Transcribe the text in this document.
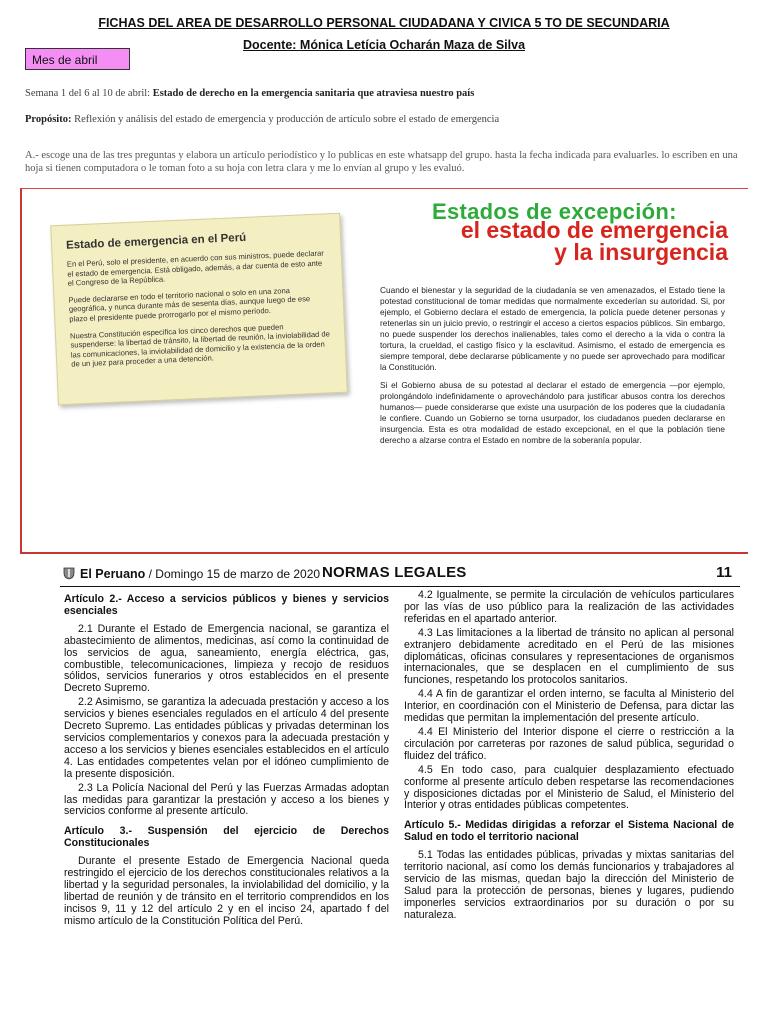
FICHAS DEL AREA DE DESARROLLO PERSONAL CIUDADANA Y CIVICA 5 TO DE SECUNDARIA
Docente: Mónica Letícia Ocharán Maza de Silva
Mes de abril
Semana 1 del 6 al 10 de abril: Estado de derecho en la emergencia sanitaria que atraviesa nuestro país
Propósito: Reflexión y análisis del estado de emergencia y producción de artículo sobre el estado de emergencia
A.- escoge una de las tres preguntas y elabora un artículo periodístico y lo publicas en este whatsapp del grupo. hasta la fecha indicada para evaluarles. lo escriben en una hoja si tienen computadora o le toman foto a su hoja con letra clara y me lo envían al grupo y les evaluó.
Estados de excepción:
el estado de emergencia
y la insurgencia
Estado de emergencia en el Perú

En el Perú, solo el presidente, en acuerdo con sus ministros, puede declarar el estado de emergencia. Está obligado, además, a dar cuenta de esto ante el Congreso de la República.

Puede declararse en todo el territorio nacional o solo en una zona geográfica, y nunca durante más de sesenta días, aunque luego de ese plazo el presidente puede prorrogarlo por el mismo período.

Nuestra Constitución especifica los cinco derechos que pueden suspenderse: la libertad de tránsito, la libertad de reunión, la inviolabilidad de las comunicaciones, la inviolabilidad de domicilio y la existencia de la orden de un juez para proceder a una detención.

Cuando el bienestar y la seguridad de la ciudadanía se ven amenazados, el Estado tiene la potestad constitucional de tomar medidas que normalmente excederían su autoridad. Si, por ejemplo, el Gobierno declara el estado de emergencia, la policía puede detener personas y retenerlas sin un juicio previo, o restringir el acceso a ciertos espacios públicos. Sin embargo, no puede suspender los derechos inalienables, tales como el derecho a la vida o contra la tortura, la crueldad, el castigo físico y la esclavitud. Asimismo, el estado de emergencia es siempre temporal, debe declararse públicamente y no puede ser aprovechado para modificar la Constitución.

Si el Gobierno abusa de su potestad al declarar el estado de emergencia —por ejemplo, prolongándolo indefinidamente o aprovechándolo para justificar abusos contra los derechos humanos— puede considerarse que existe una usurpación de los poderes que la ciudadanía le confiere. Cuando un Gobierno se torna usurpador, los ciudadanos pueden declararse en insurgencia. Esta es otra modalidad de estado excepcional, en el que la población tiene derecho a alzarse contra el Estado en nombre de la soberanía popular.

El Peruano / Domingo 15 de marzo de 2020 NORMAS LEGALES	11

Artículo 2.- Acceso a servicios públicos y bienes y servicios esenciales

2.1 Durante el Estado de Emergencia nacional, se garantiza el abastecimiento de alimentos, medicinas, así como la continuidad de los servicios de agua, saneamiento, energía eléctrica, gas, combustible, telecomunicaciones, limpieza y recojo de residuos sólidos, servicios funerarios y otros establecidos en el presente Decreto Supremo.

2.2 Asimismo, se garantiza la adecuada prestación y acceso a los servicios y bienes esenciales regulados en el artículo 4 del presente Decreto Supremo. Las entidades públicas y privadas determinan los servicios complementarios y conexos para la adecuada prestación y acceso a los servicios y bienes esenciales establecidos en el artículo 4. Las entidades competentes velan por el idóneo cumplimiento de la presente disposición.

2.3 La Policía Nacional del Perú y las Fuerzas Armadas adoptan las medidas para garantizar la prestación y acceso a los bienes y servicios conforme al presente artículo.

Artículo 3.- Suspensión del ejercicio de Derechos Constitucionales

Durante el presente Estado de Emergencia Nacional queda restringido el ejercicio de los derechos constitucionales relativos a la libertad y la seguridad personales, la inviolabilidad del domicilio, y la libertad de reunión y de tránsito en el territorio comprendidos en los incisos 9, 11 y 12 del artículo 2 y en el inciso 24, apartado f del mismo artículo de la Constitución Política del Perú.

4.2 Igualmente, se permite la circulación de vehículos particulares por las vías de uso público para la realización de las actividades referidas en el apartado anterior.

4.3 Las limitaciones a la libertad de tránsito no aplican al personal extranjero debidamente acreditado en el Perú de las misiones diplomáticas, oficinas consulares y representaciones de organismos internacionales, que se desplacen en el cumplimiento de sus funciones, respetando los protocolos sanitarios.

4.4 A fin de garantizar el orden interno, se faculta al Ministerio del Interior, en coordinación con el Ministerio de Defensa, para dictar las medidas que permitan la implementación del presente artículo.

4.4 El Ministerio del Interior dispone el cierre o restricción a la circulación por carreteras por razones de salud pública, seguridad o fluidez del tráfico.

4.5 En todo caso, para cualquier desplazamiento efectuado conforme al presente artículo deben respetarse las recomendaciones y disposiciones dictadas por el Ministerio de Salud, el Ministerio del Interior y otras entidades públicas competentes.

Artículo 5.- Medidas dirigidas a reforzar el Sistema Nacional de Salud en todo el territorio nacional

5.1 Todas las entidades públicas, privadas y mixtas sanitarias del territorio nacional, así como los demás funcionarios y trabajadores al servicio de las mismas, quedan bajo la dirección del Ministerio de Salud para la protección de personas, bienes y lugares, pudiendo imponerles servicios extraordinarios por su duración o por su naturaleza.
